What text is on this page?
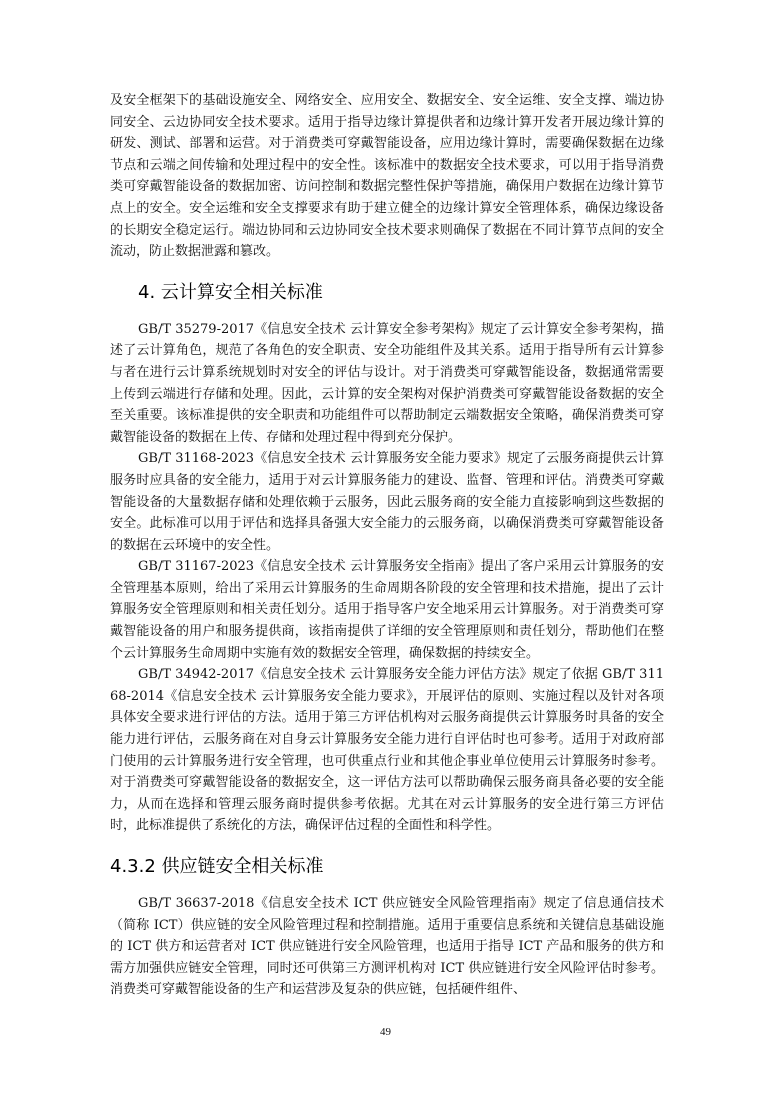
及安全框架下的基础设施安全、网络安全、应用安全、数据安全、安全运维、安全支撑、端边协同安全、云边协同安全技术要求。适用于指导边缘计算提供者和边缘计算开发者开展边缘计算的研发、测试、部署和运营。对于消费类可穿戴智能设备，应用边缘计算时，需要确保数据在边缘节点和云端之间传输和处理过程中的安全性。该标准中的数据安全技术要求，可以用于指导消费类可穿戴智能设备的数据加密、访问控制和数据完整性保护等措施，确保用户数据在边缘计算节点上的安全。安全运维和安全支撑要求有助于建立健全的边缘计算安全管理体系，确保边缘设备的长期安全稳定运行。端边协同和云边协同安全技术要求则确保了数据在不同计算节点间的安全流动，防止数据泄露和篡改。

4. 云计算安全相关标准

GB/T 35279-2017《信息安全技术 云计算安全参考架构》规定了云计算安全参考架构，描述了云计算角色，规范了各角色的安全职责、安全功能组件及其关系。适用于指导所有云计算参与者在进行云计算系统规划时对安全的评估与设计。对于消费类可穿戴智能设备，数据通常需要上传到云端进行存储和处理。因此，云计算的安全架构对保护消费类可穿戴智能设备数据的安全至关重要。该标准提供的安全职责和功能组件可以帮助制定云端数据安全策略，确保消费类可穿戴智能设备的数据在上传、存储和处理过程中得到充分保护。

GB/T 31168-2023《信息安全技术 云计算服务安全能力要求》规定了云服务商提供云计算服务时应具备的安全能力，适用于对云计算服务能力的建设、监督、管理和评估。消费类可穿戴智能设备的大量数据存储和处理依赖于云服务，因此云服务商的安全能力直接影响到这些数据的安全。此标准可以用于评估和选择具备强大安全能力的云服务商，以确保消费类可穿戴智能设备的数据在云环境中的安全性。

GB/T 31167-2023《信息安全技术 云计算服务安全指南》提出了客户采用云计算服务的安全管理基本原则，给出了采用云计算服务的生命周期各阶段的安全管理和技术措施，提出了云计算服务安全管理原则和相关责任划分。适用于指导客户安全地采用云计算服务。对于消费类可穿戴智能设备的用户和服务提供商，该指南提供了详细的安全管理原则和责任划分，帮助他们在整个云计算服务生命周期中实施有效的数据安全管理，确保数据的持续安全。

GB/T 34942-2017《信息安全技术 云计算服务安全能力评估方法》规定了依据 GB/T 31168-2014《信息安全技术 云计算服务安全能力要求》，开展评估的原则、实施过程以及针对各项具体安全要求进行评估的方法。适用于第三方评估机构对云服务商提供云计算服务时具备的安全能力进行评估，云服务商在对自身云计算服务安全能力进行自评估时也可参考。适用于对政府部门使用的云计算服务进行安全管理，也可供重点行业和其他企事业单位使用云计算服务时参考。对于消费类可穿戴智能设备的数据安全，这一评估方法可以帮助确保云服务商具备必要的安全能力，从而在选择和管理云服务商时提供参考依据。尤其在对云计算服务的安全进行第三方评估时，此标准提供了系统化的方法，确保评估过程的全面性和科学性。

4.3.2 供应链安全相关标准

GB/T 36637-2018《信息安全技术 ICT 供应链安全风险管理指南》规定了信息通信技术（简称 ICT）供应链的安全风险管理过程和控制措施。适用于重要信息系统和关键信息基础设施的 ICT 供方和运营者对 ICT 供应链进行安全风险管理，也适用于指导 ICT 产品和服务的供方和需方加强供应链安全管理，同时还可供第三方测评机构对 ICT 供应链进行安全风险评估时参考。消费类可穿戴智能设备的生产和运营涉及复杂的供应链，包括硬件组件、

49
